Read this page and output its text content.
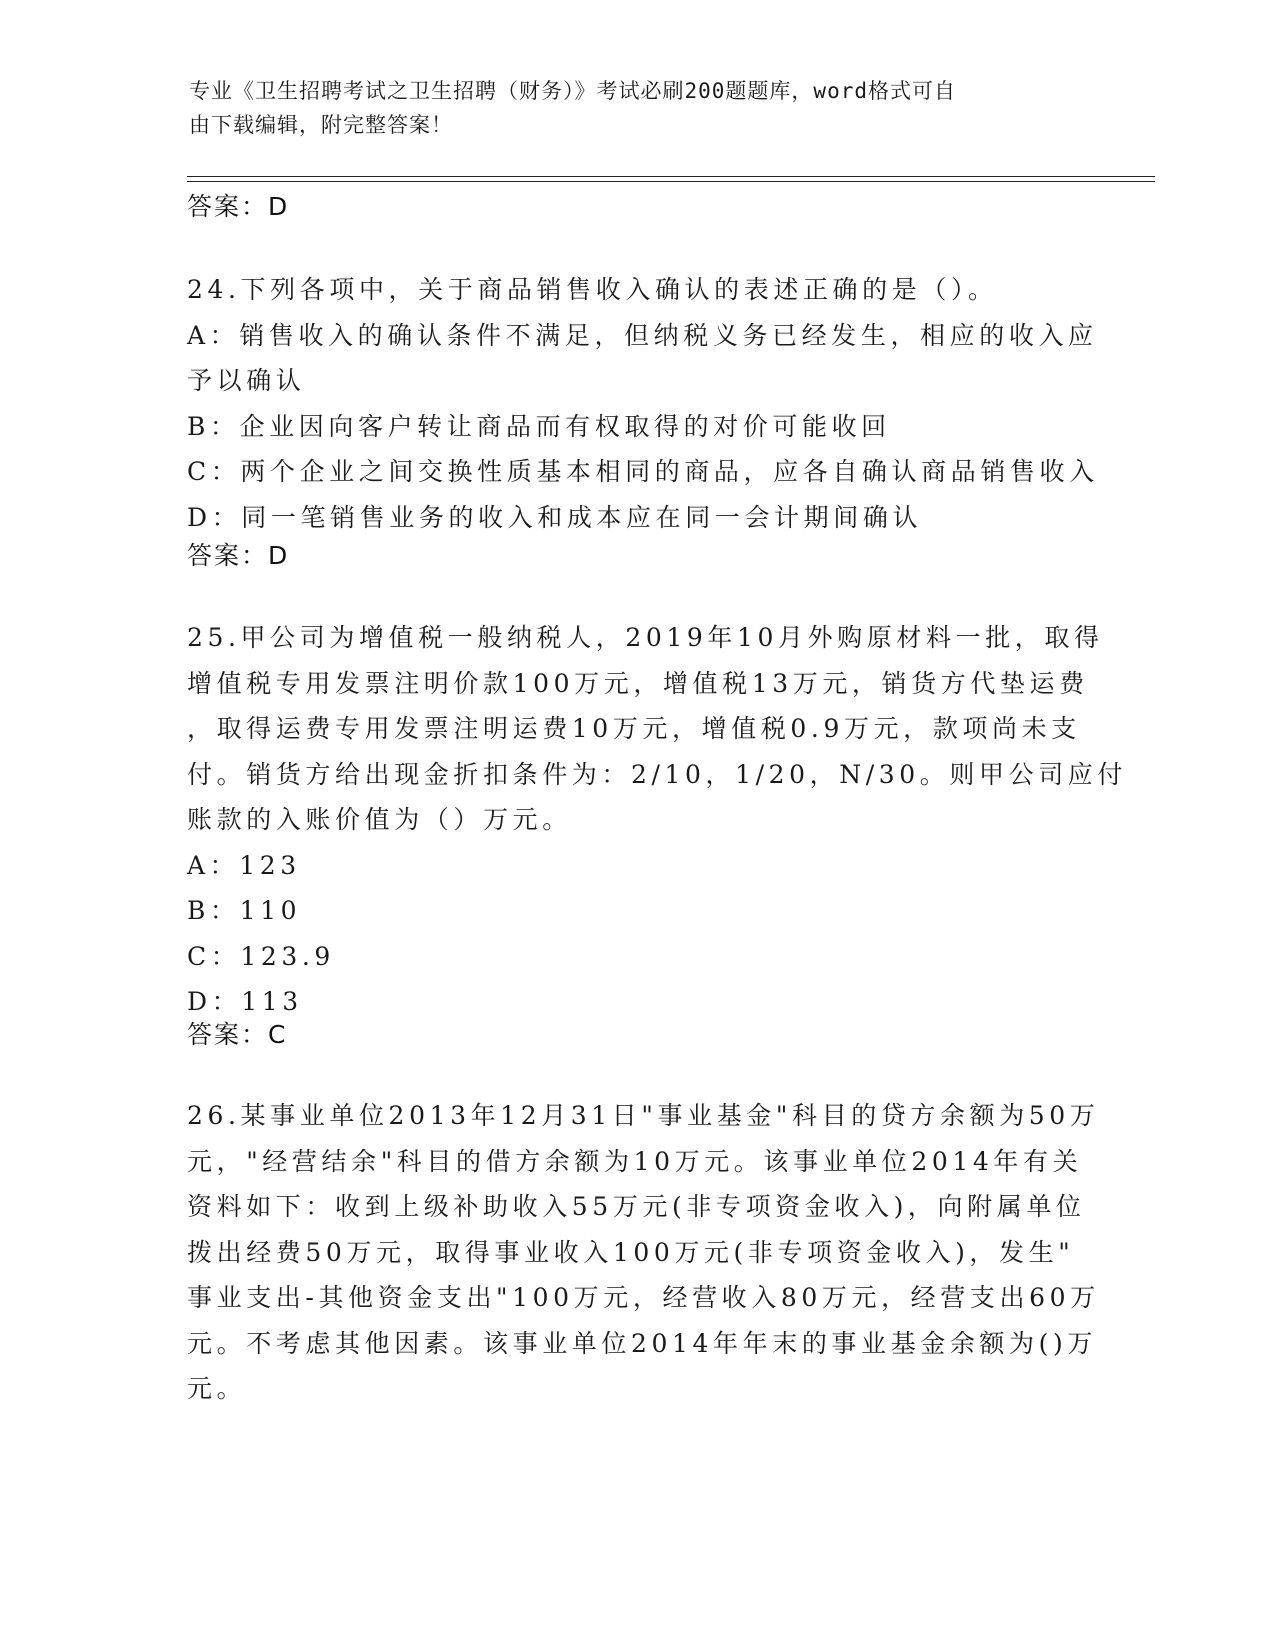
专业《卫生招聘考试之卫生招聘（财务）》考试必刷200题题库，word格式可自
由下载编辑，附完整答案！
答案：D
24.下列各项中，关于商品销售收入确认的表述正确的是（）。
A：销售收入的确认条件不满足，但纳税义务已经发生，相应的收入应
予以确认
B：企业因向客户转让商品而有权取得的对价可能收回
C：两个企业之间交换性质基本相同的商品，应各自确认商品销售收入
D：同一笔销售业务的收入和成本应在同一会计期间确认
答案：D
25.甲公司为增值税一般纳税人，2019年10月外购原材料一批，取得
增值税专用发票注明价款100万元，增值税13万元，销货方代垫运费
，取得运费专用发票注明运费10万元，增值税0.9万元，款项尚未支
付。销货方给出现金折扣条件为：2/10，1/20，N/30。则甲公司应付
账款的入账价值为（）万元。
A：123
B：110
C：123.9
D：113
答案：C
26.某事业单位2013年12月31日"事业基金"科目的贷方余额为50万
元，"经营结余"科目的借方余额为10万元。该事业单位2014年有关
资料如下：收到上级补助收入55万元(非专项资金收入)，向附属单位
拨出经费50万元，取得事业收入100万元(非专项资金收入)，发生"
事业支出-其他资金支出"100万元，经营收入80万元，经营支出60万
元。不考虑其他因素。该事业单位2014年年末的事业基金余额为()万
元。
